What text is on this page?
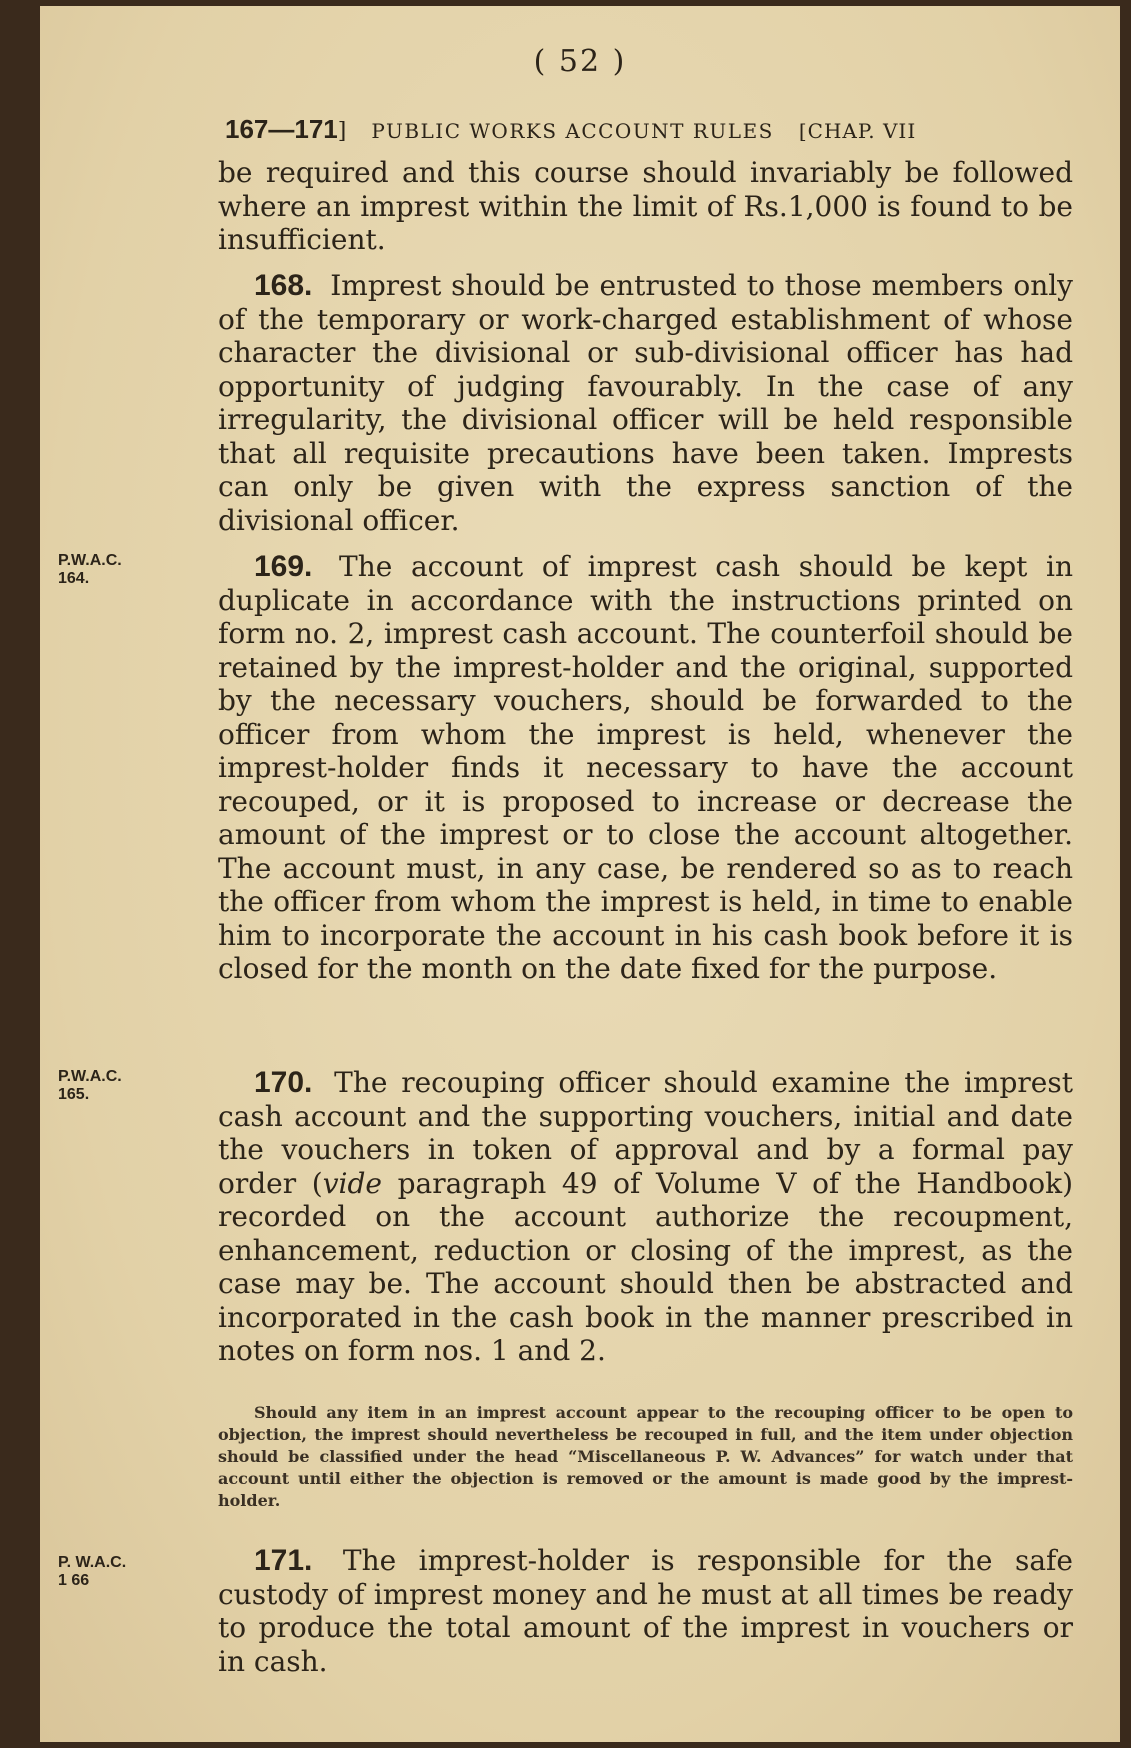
( 52 )
167—171] PUBLIC WORKS ACCOUNT RULES [CHAP. VII
be required and this course should invariably be followed where an imprest within the limit of Rs.1,000 is found to be insufficient.
168. Imprest should be entrusted to those members only of the temporary or work-charged establishment of whose character the divisional or sub-divisional officer has had opportunity of judging favourably. In the case of any irregularity, the divisional officer will be held responsible that all requisite precautions have been taken. Imprests can only be given with the express sanction of the divisional officer.
P.W.A.C.
164.	169. The account of imprest cash should be kept in duplicate in accordance with the instructions printed on form no. 2, imprest cash account. The counterfoil should be retained by the imprest-holder and the original, supported by the necessary vouchers, should be forwarded to the officer from whom the imprest is held, whenever the imprest-holder finds it necessary to have the account recouped, or it is proposed to increase or decrease the amount of the imprest or to close the account altogether. The account must, in any case, be rendered so as to reach the officer from whom the imprest is held, in time to enable him to incorporate the account in his cash book before it is closed for the month on the date fixed for the purpose.
P.W.A.C.
165.	170. The recouping officer should examine the imprest cash account and the supporting vouchers, initial and date the vouchers in token of approval and by a formal pay order (vide paragraph 49 of Volume V of the Handbook) recorded on the account authorize the recoupment, enhancement, reduction or closing of the imprest, as the case may be. The account should then be abstracted and incorporated in the cash book in the manner prescribed in notes on form nos. 1 and 2.
Should any item in an imprest account appear to the recouping officer to be open to objection, the imprest should nevertheless be recouped in full, and the item under objection should be classified under the head “Miscellaneous P. W. Advances” for watch under that account until either the objection is removed or the amount is made good by the imprest-holder.
P. W.A.C.
1 66
171. The imprest-holder is responsible for the safe custody of imprest money and he must at all times be ready to produce the total amount of the imprest in vouchers or in cash.
